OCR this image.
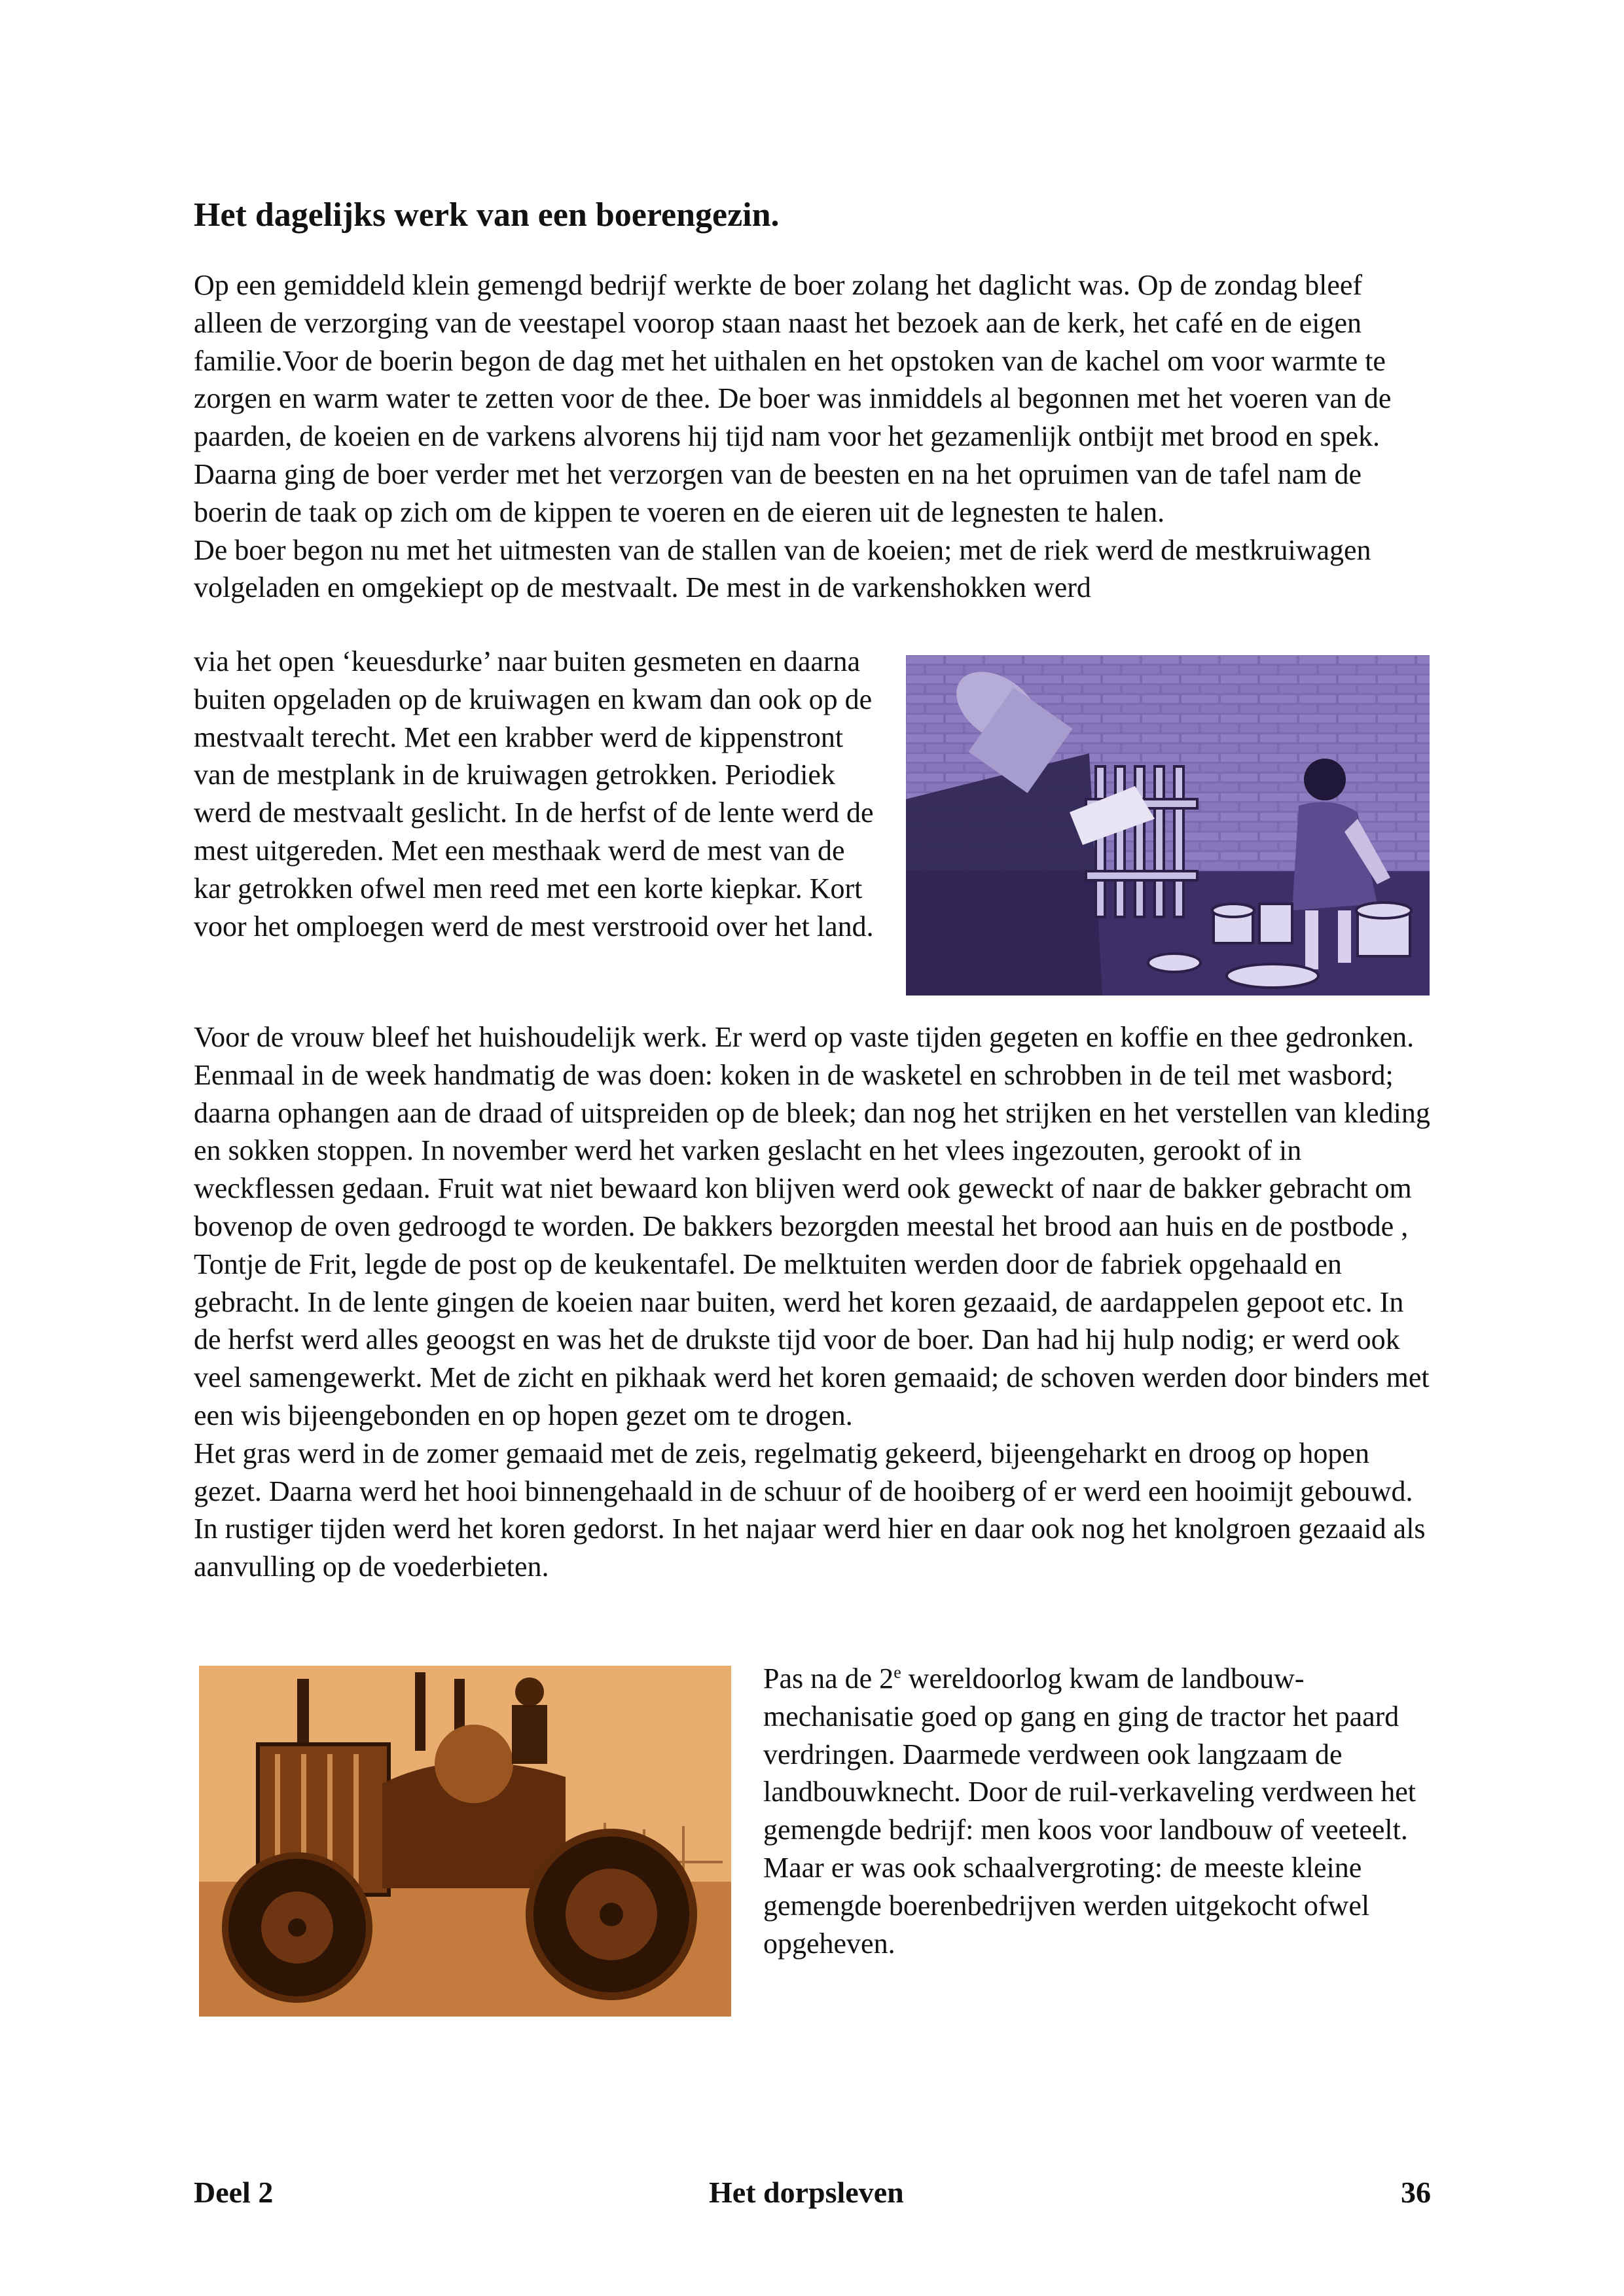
Het dagelijks werk van een boerengezin.

Op een gemiddeld klein gemengd bedrijf werkte de boer zolang het daglicht was. Op de zondag bleef alleen de verzorging van de veestapel voorop staan naast het bezoek aan de kerk, het café en de eigen familie.Voor de boerin begon de dag met het uithalen en het opstoken van de kachel om voor warmte te zorgen en warm water te zetten voor de thee. De boer was inmiddels al begonnen met het voeren van de paarden, de koeien en de varkens alvorens hij tijd nam voor het gezamenlijk ontbijt met brood en spek. Daarna ging de boer verder met het verzorgen van de beesten en na het opruimen van de tafel nam de boerin de taak op zich om de kippen te voeren en de eieren uit de legnesten te halen.

De boer begon nu met het uitmesten van de stallen van de koeien; met de riek werd de mestkruiwagen volgeladen en omgekiept op de mestvaalt. De mest in de varkenshokken werd

via het open ‘keuesdurke’ naar buiten gesmeten en daarna buiten opgeladen op de kruiwagen en kwam dan ook op de mestvaalt terecht. Met een krabber werd de kippenstront van de mestplank in de kruiwagen getrokken. Periodiek werd de mestvaalt geslicht. In de herfst of de lente werd de mest uitgereden. Met een mesthaak werd de mest van de kar getrokken ofwel men reed met een korte kiepkar. Kort voor het omploegen werd de mest verstrooid over het land.

Voor de vrouw bleef het huishoudelijk werk. Er werd op vaste tijden gegeten en koffie en thee gedronken. Eenmaal in de week handmatig de was doen: koken in de wasketel en schrobben in de teil met wasbord; daarna ophangen aan de draad of uitspreiden op de bleek; dan nog het strijken en het verstellen van kleding en sokken stoppen. In november werd het varken geslacht en het vlees ingezouten, gerookt of in weckflessen gedaan. Fruit wat niet bewaard kon blijven werd ook geweckt of naar de bakker gebracht om bovenop de oven gedroogd te worden. De bakkers bezorgden meestal het brood aan huis en de postbode , Tontje de Frit, legde de post op de keukentafel. De melktuiten werden door de fabriek opgehaald en gebracht. In de lente gingen de koeien naar buiten, werd het koren gezaaid, de aardappelen gepoot etc. In de herfst werd alles geoogst en was het de drukste tijd voor de boer. Dan had hij hulp nodig; er werd ook veel samengewerkt. Met de zicht en pikhaak werd het koren gemaaid; de schoven werden door binders met een wis bijeengebonden en op hopen gezet om te drogen.

Het gras werd in de zomer gemaaid met de zeis, regelmatig gekeerd, bijeengeharkt en droog op hopen gezet. Daarna werd het hooi binnengehaald in de schuur of de hooiberg of er werd een hooimijt gebouwd. In rustiger tijden werd het koren gedorst. In het najaar werd hier en daar ook nog het knolgroen gezaaid als aanvulling op de voederbieten.

Pas na de 2e wereldoorlog kwam de landbouw-mechanisatie goed op gang en ging de tractor het paard verdringen. Daarmede verdween ook langzaam de landbouwknecht. Door de ruil-verkaveling verdween het gemengde bedrijf: men koos voor landbouw of veeteelt. Maar er was ook schaalvergroting: de meeste kleine gemengde boerenbedrijven werden uitgekocht ofwel opgeheven.

Deel 2	Het dorpsleven	36
